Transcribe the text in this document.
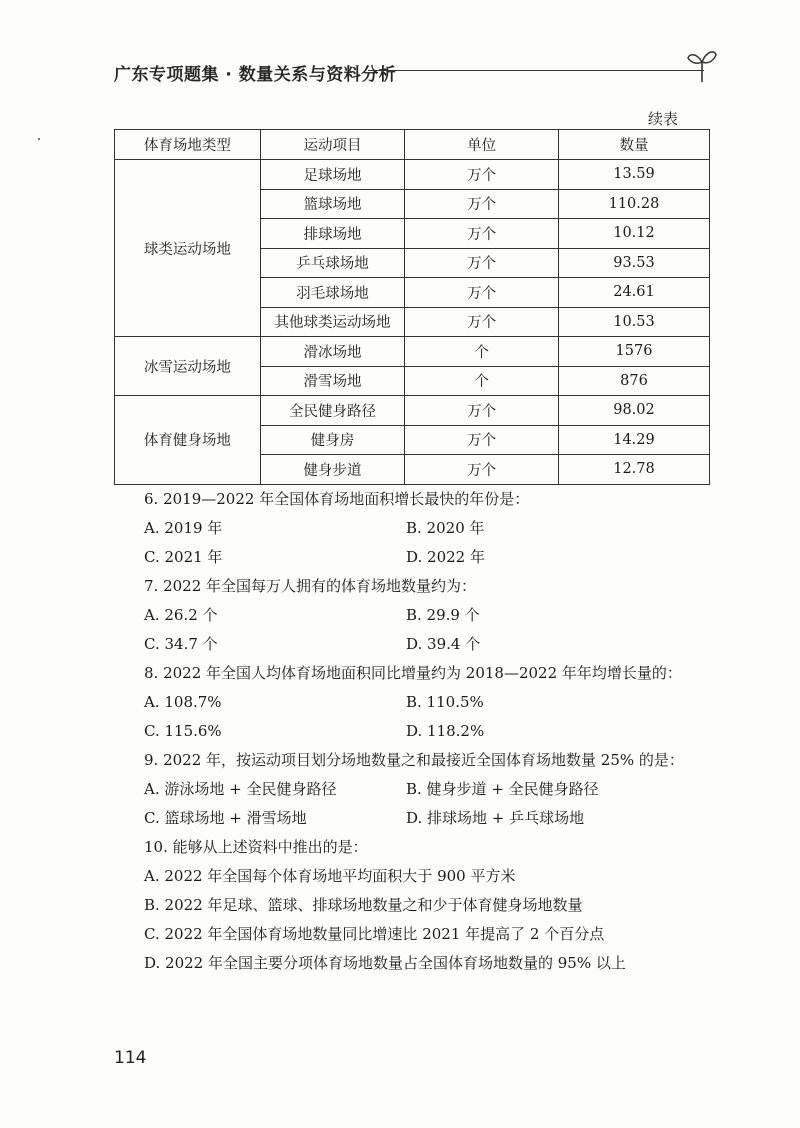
广东专项题集 · 数量关系与资料分析
续表
体育场地类型	运动项目	单位	数量
球类运动场地	足球场地	万个	13.59
	篮球场地	万个	110.28
	排球场地	万个	10.12
	乒乓球场地	万个	93.53
	羽毛球场地	万个	24.61
	其他球类运动场地	万个	10.53
冰雪运动场地	滑冰场地	个	1576
	滑雪场地	个	876
体育健身场地	全民健身路径	万个	98.02
	健身房	万个	14.29
	健身步道	万个	12.78
6. 2019—2022 年全国体育场地面积增长最快的年份是：
A. 2019 年	B. 2020 年
C. 2021 年	D. 2022 年
7. 2022 年全国每万人拥有的体育场地数量约为：
A. 26.2 个	B. 29.9 个
C. 34.7 个	D. 39.4 个
8. 2022 年全国人均体育场地面积同比增量约为 2018—2022 年年均增长量的：
A. 108.7%	B. 110.5%
C. 115.6%	D. 118.2%
9. 2022 年，按运动项目划分场地数量之和最接近全国体育场地数量 25% 的是：
A. 游泳场地 + 全民健身路径	B. 健身步道 + 全民健身路径
C. 篮球场地 + 滑雪场地	D. 排球场地 + 乒乓球场地
10. 能够从上述资料中推出的是：
A. 2022 年全国每个体育场地平均面积大于 900 平方米
B. 2022 年足球、篮球、排球场地数量之和少于体育健身场地数量
C. 2022 年全国体育场地数量同比增速比 2021 年提高了 2 个百分点
D. 2022 年全国主要分项体育场地数量占全国体育场地数量的 95% 以上
114
